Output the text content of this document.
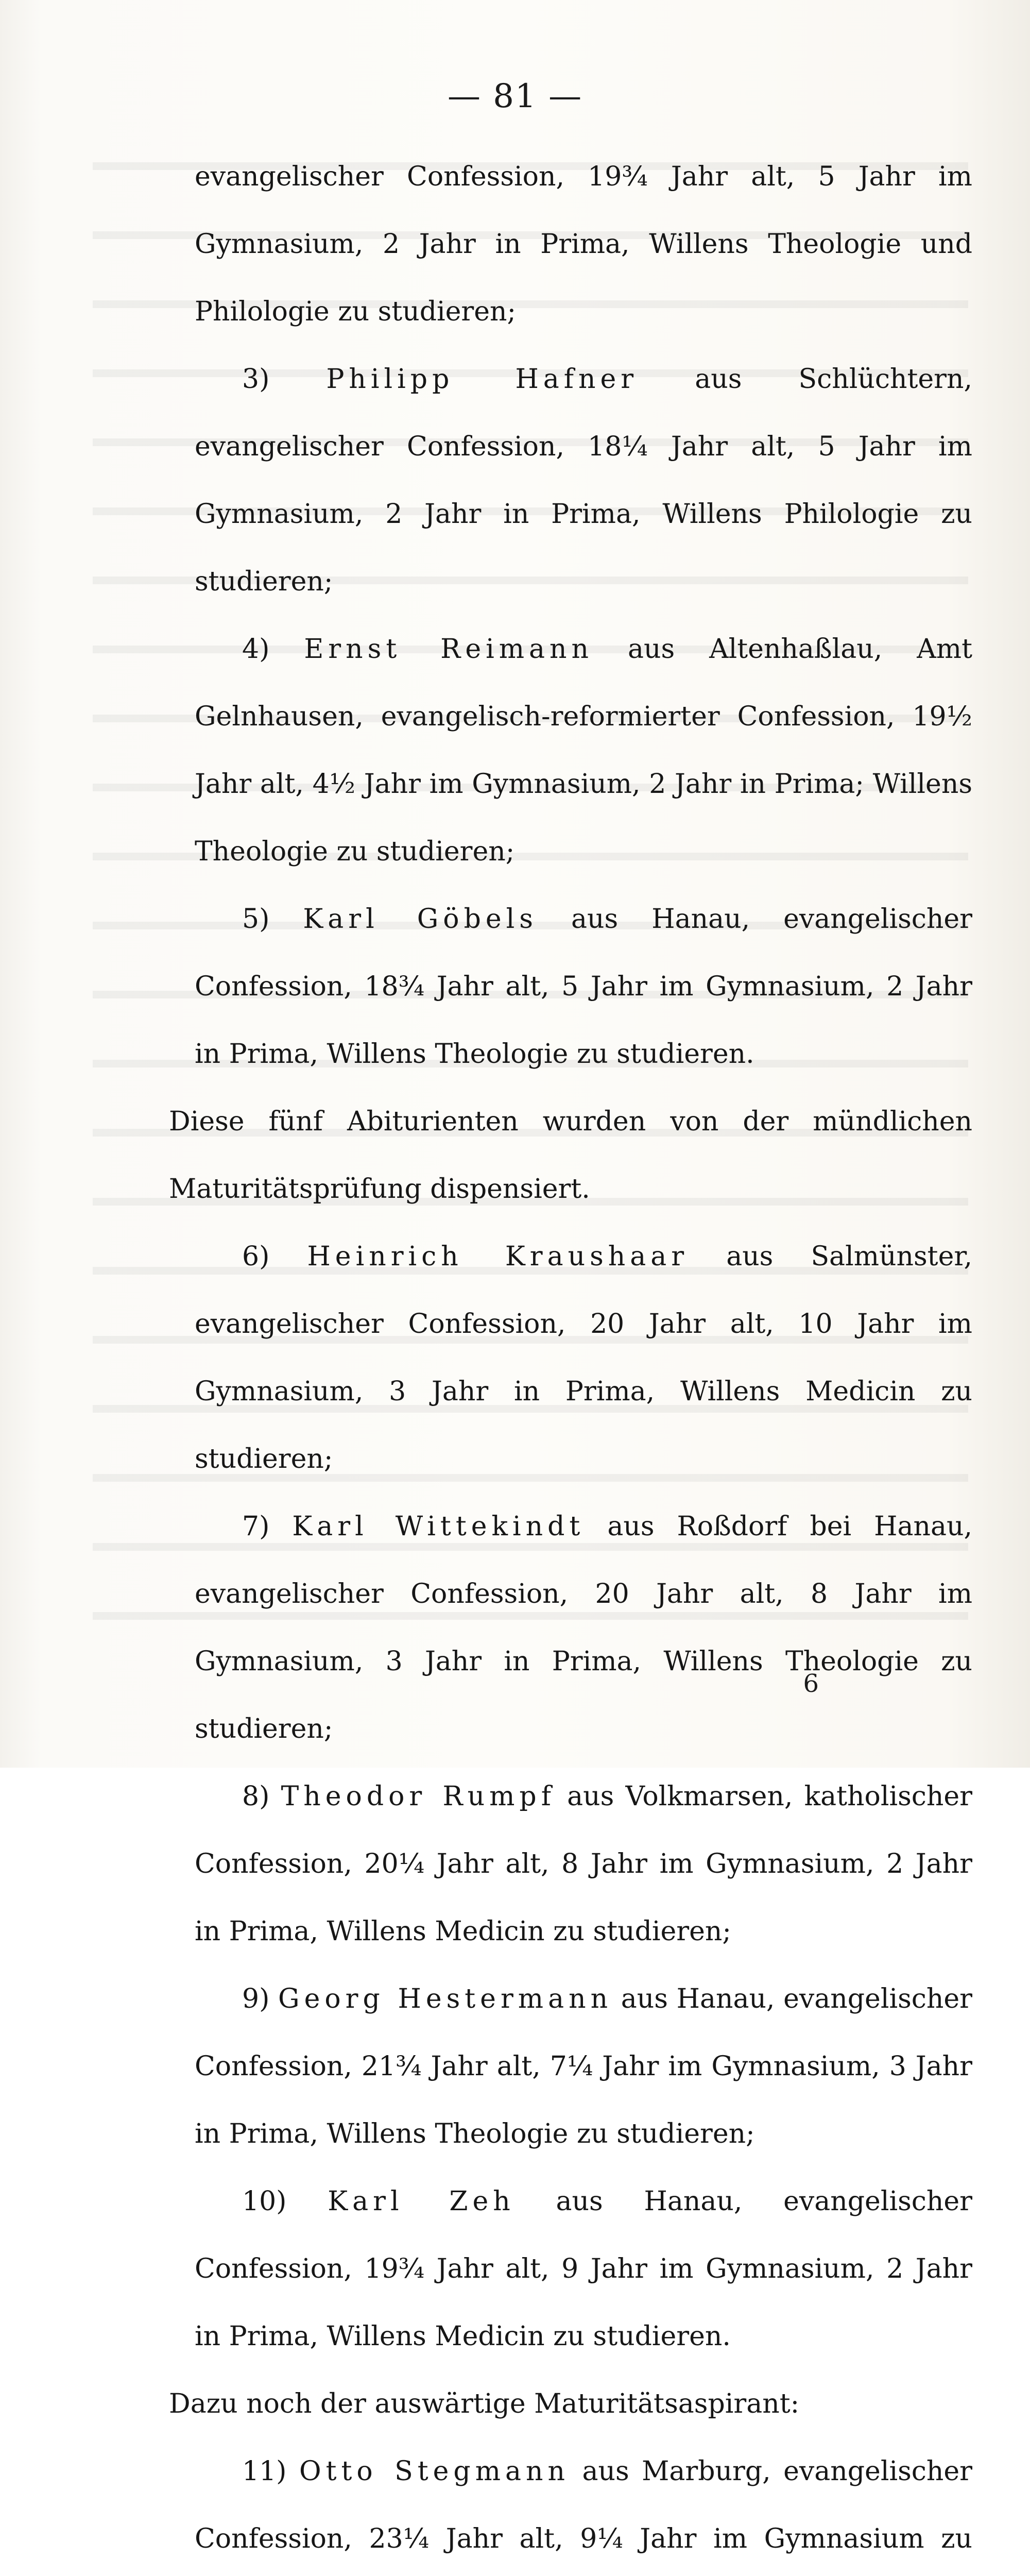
— 81 —

evangelischer Confession, 19¾ Jahr alt, 5 Jahr im Gymnasium, 2 Jahr in Prima, Willens Theologie und Philologie zu studieren;

3) Philipp Hafner aus Schlüchtern, evangelischer Confession, 18¼ Jahr alt, 5 Jahr im Gymnasium, 2 Jahr in Prima, Willens Philologie zu studieren;

4) Ernst Reimann aus Altenhaßlau, Amt Gelnhausen, evangelisch-reformierter Confession, 19½ Jahr alt, 4½ Jahr im Gymnasium, 2 Jahr in Prima; Willens Theologie zu studieren;

5) Karl Göbels aus Hanau, evangelischer Confession, 18¾ Jahr alt, 5 Jahr im Gymnasium, 2 Jahr in Prima, Willens Theologie zu studieren.

Diese fünf Abiturienten wurden von der mündlichen Maturitätsprüfung dispensiert.

6) Heinrich Kraushaar aus Salmünster, evangelischer Confession, 20 Jahr alt, 10 Jahr im Gymnasium, 3 Jahr in Prima, Willens Medicin zu studieren;

7) Karl Wittekindt aus Roßdorf bei Hanau, evangelischer Confession, 20 Jahr alt, 8 Jahr im Gymnasium, 3 Jahr in Prima, Willens Theologie zu studieren;

8) Theodor Rumpf aus Volkmarsen, katholischer Confession, 20¼ Jahr alt, 8 Jahr im Gymnasium, 2 Jahr in Prima, Willens Medicin zu studieren;

9) Georg Hestermann aus Hanau, evangelischer Confession, 21¾ Jahr alt, 7¼ Jahr im Gymnasium, 3 Jahr in Prima, Willens Theologie zu studieren;

10) Karl Zeh aus Hanau, evangelischer Confession, 19¾ Jahr alt, 9 Jahr im Gymnasium, 2 Jahr in Prima, Willens Medicin zu studieren.

Dazu noch der auswärtige Maturitätsaspirant:

11) Otto Stegmann aus Marburg, evangelischer Confession, 23¼ Jahr alt, 9¼ Jahr im Gymnasium zu

6
